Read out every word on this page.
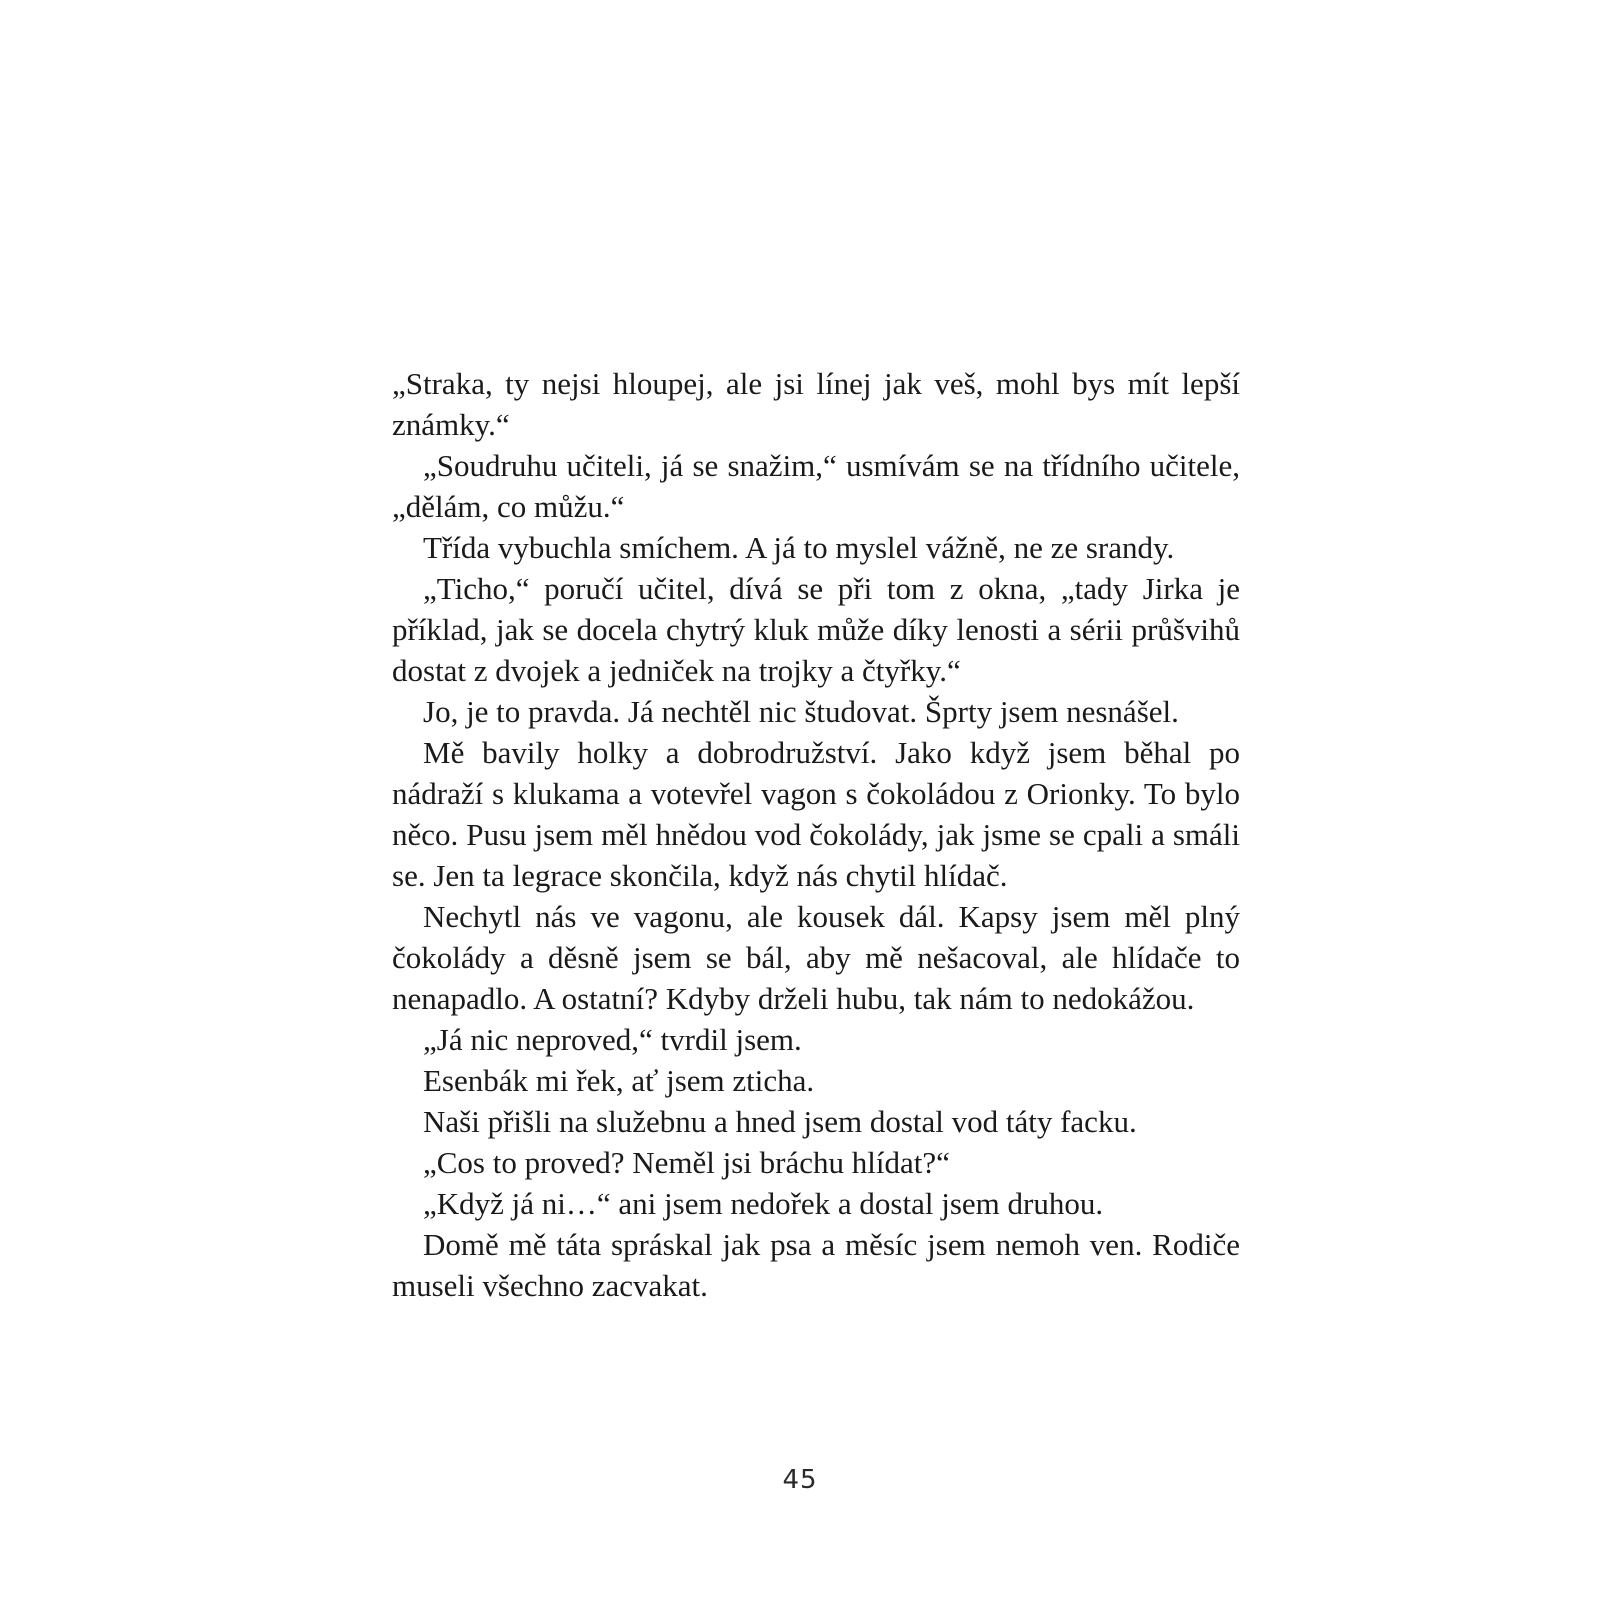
„Straka, ty nejsi hloupej, ale jsi línej jak veš, mohl bys mít lepší známky.“

„Soudruhu učiteli, já se snažim,“ usmívám se na třídního učitele, „dělám, co můžu.“

Třída vybuchla smíchem. A já to myslel vážně, ne ze srandy.

„Ticho,“ poručí učitel, dívá se při tom z okna, „tady Jirka je příklad, jak se docela chytrý kluk může díky lenosti a sérii průšvihů dostat z dvojek a jedniček na trojky a čtyřky.“

Jo, je to pravda. Já nechtěl nic študovat. Šprty jsem nesnášel.

Mě bavily holky a dobrodružství. Jako když jsem běhal po nádraží s klukama a votevřel vagon s čokoládou z Orionky. To bylo něco. Pusu jsem měl hnědou vod čokolády, jak jsme se cpali a smáli se. Jen ta legrace skončila, když nás chytil hlídač.

Nechytl nás ve vagonu, ale kousek dál. Kapsy jsem měl plný čokolády a děsně jsem se bál, aby mě nešacoval, ale hlídače to nenapadlo. A ostatní? Kdyby drželi hubu, tak nám to nedokážou.

„Já nic neproved,“ tvrdil jsem.

Esenbák mi řek, ať jsem zticha.

Naši přišli na služebnu a hned jsem dostal vod táty facku.

„Cos to proved? Neměl jsi bráchu hlídat?“

„Když já ni…“ ani jsem nedořek a dostal jsem druhou.

Domě mě táta spráskal jak psa a měsíc jsem nemoh ven. Rodiče museli všechno zacvakat.

45
